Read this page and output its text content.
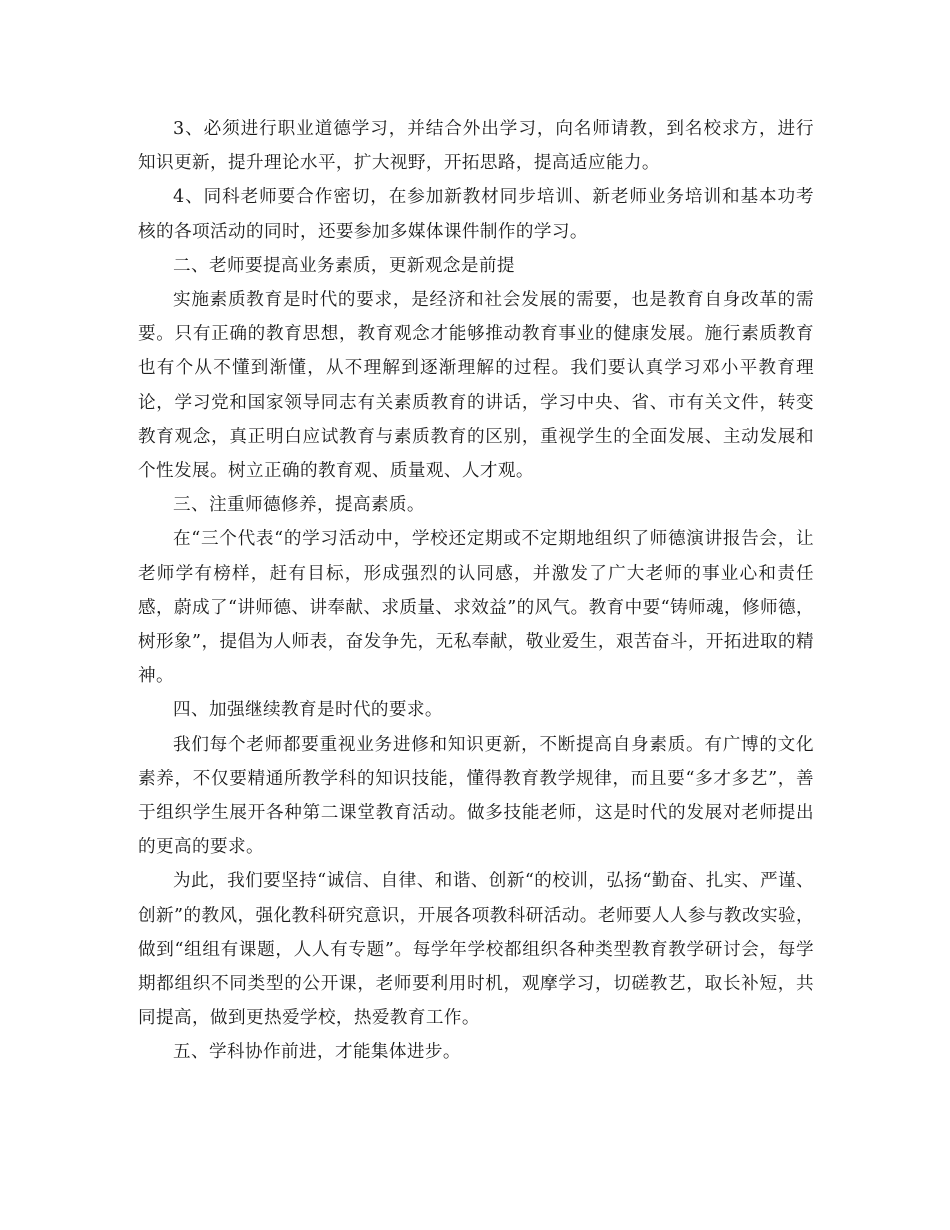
3、必须进行职业道德学习，并结合外出学习，向名师请教，到名校求方，进行知识更新，提升理论水平，扩大视野，开拓思路，提高适应能力。

4、同科老师要合作密切，在参加新教材同步培训、新老师业务培训和基本功考核的各项活动的同时，还要参加多媒体课件制作的学习。

二、老师要提高业务素质，更新观念是前提

实施素质教育是时代的要求，是经济和社会发展的需要，也是教育自身改革的需要。只有正确的教育思想，教育观念才能够推动教育事业的健康发展。施行素质教育也有个从不懂到渐懂，从不理解到逐渐理解的过程。我们要认真学习邓小平教育理论，学习党和国家领导同志有关素质教育的讲话，学习中央、省、市有关文件，转变教育观念，真正明白应试教育与素质教育的区别，重视学生的全面发展、主动发展和个性发展。树立正确的教育观、质量观、人才观。

三、注重师德修养，提高素质。

在“三个代表“的学习活动中，学校还定期或不定期地组织了师德演讲报告会，让老师学有榜样，赶有目标，形成强烈的认同感，并激发了广大老师的事业心和责任感，蔚成了“讲师德、讲奉献、求质量、求效益”的风气。教育中要“铸师魂，修师德，树形象”，提倡为人师表，奋发争先，无私奉献，敬业爱生，艰苦奋斗，开拓进取的精神。

四、加强继续教育是时代的要求。

我们每个老师都要重视业务进修和知识更新，不断提高自身素质。有广博的文化素养，不仅要精通所教学科的知识技能，懂得教育教学规律，而且要“多才多艺”，善于组织学生展开各种第二课堂教育活动。做多技能老师，这是时代的发展对老师提出的更高的要求。

为此，我们要坚持“诚信、自律、和谐、创新“的校训，弘扬“勤奋、扎实、严谨、创新”的教风，强化教科研究意识，开展各项教科研活动。老师要人人参与教改实验，做到“组组有课题，人人有专题”。每学年学校都组织各种类型教育教学研讨会，每学期都组织不同类型的公开课，老师要利用时机，观摩学习，切磋教艺，取长补短，共同提高，做到更热爱学校，热爱教育工作。

五、学科协作前进，才能集体进步。
